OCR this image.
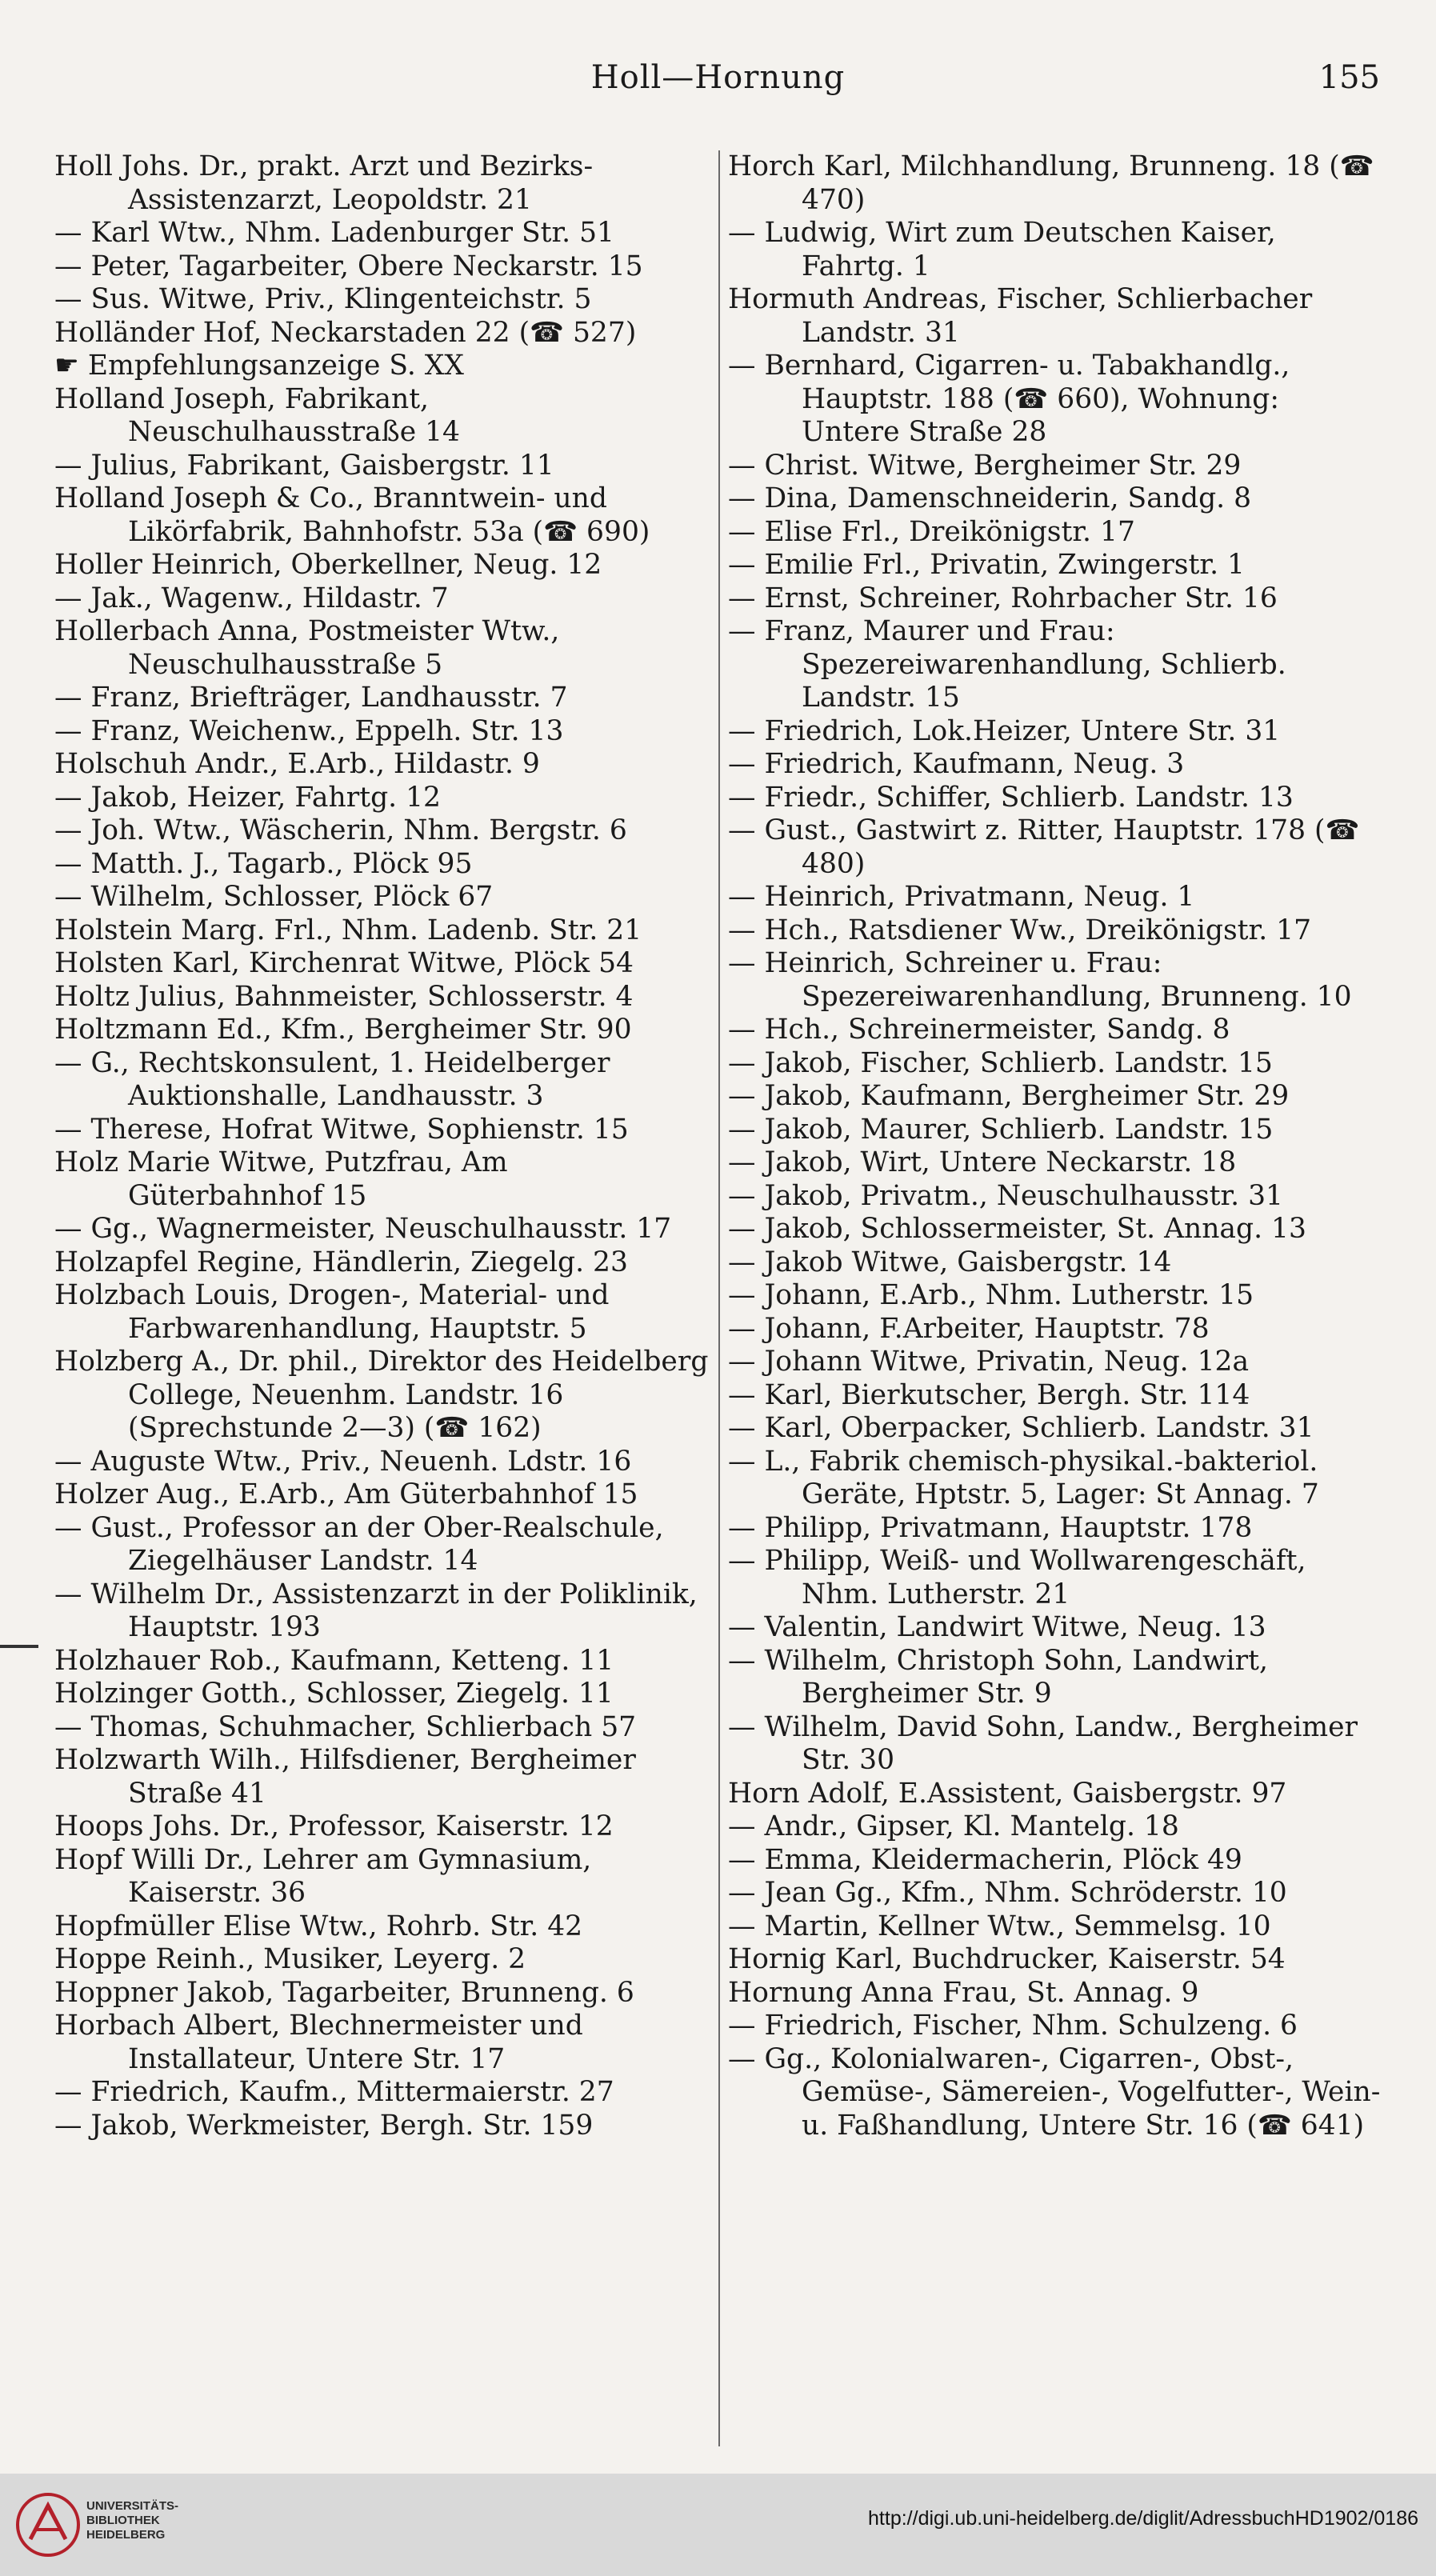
Holl—Hornung	155
Holl Johs. Dr., prakt. Arzt und Bezirks-Assistenzarzt, Leopoldstr. 21
— Karl Wtw., Nhm. Ladenburger Str. 51
— Peter, Tagarbeiter, Obere Neckarstr. 15
— Sus. Witwe, Priv., Klingenteichstr. 5
Holländer Hof, Neckarstaden 22 (☎ 527)
☛ Empfehlungsanzeige S. XX
Holland Joseph, Fabrikant, Neuschulhausstraße 14
— Julius, Fabrikant, Gaisbergstr. 11
Holland Joseph & Co., Branntwein- und Likörfabrik, Bahnhofstr. 53a (☎ 690)
Holler Heinrich, Oberkellner, Neug. 12
— Jak., Wagenw., Hildastr. 7
Hollerbach Anna, Postmeister Wtw., Neuschulhausstraße 5
— Franz, Briefträger, Landhausstr. 7
— Franz, Weichenw., Eppelh. Str. 13
Holschuh Andr., E.Arb., Hildastr. 9
— Jakob, Heizer, Fahrtg. 12
— Joh. Wtw., Wäscherin, Nhm. Bergstr. 6
— Matth. J., Tagarb., Plöck 95
— Wilhelm, Schlosser, Plöck 67
Holstein Marg. Frl., Nhm. Ladenb. Str. 21
Holsten Karl, Kirchenrat Witwe, Plöck 54
Holtz Julius, Bahnmeister, Schlosserstr. 4
Holtzmann Ed., Kfm., Bergheimer Str. 90
— G., Rechtskonsulent, 1. Heidelberger Auktionshalle, Landhausstr. 3
— Therese, Hofrat Witwe, Sophienstr. 15
Holz Marie Witwe, Putzfrau, Am Güterbahnhof 15
— Gg., Wagnermeister, Neuschulhausstr. 17
Holzapfel Regine, Händlerin, Ziegelg. 23
Holzbach Louis, Drogen-, Material- und Farbwarenhandlung, Hauptstr. 5
Holzberg A., Dr. phil., Direktor des Heidelberg College, Neuenhm. Landstr. 16 (Sprechstunde 2—3) (☎ 162)
— Auguste Wtw., Priv., Neuenh. Ldstr. 16
Holzer Aug., E.Arb., Am Güterbahnhof 15
— Gust., Professor an der Ober-Realschule, Ziegelhäuser Landstr. 14
— Wilhelm Dr., Assistenzarzt in der Poliklinik, Hauptstr. 193
Holzhauer Rob., Kaufmann, Ketteng. 11
Holzinger Gotth., Schlosser, Ziegelg. 11
— Thomas, Schuhmacher, Schlierbach 57
Holzwarth Wilh., Hilfsdiener, Bergheimer Straße 41
Hoops Johs. Dr., Professor, Kaiserstr. 12
Hopf Willi Dr., Lehrer am Gymnasium, Kaiserstr. 36
Hopfmüller Elise Wtw., Rohrb. Str. 42
Hoppe Reinh., Musiker, Leyerg. 2
Hoppner Jakob, Tagarbeiter, Brunneng. 6
Horbach Albert, Blechnermeister und Installateur, Untere Str. 17
— Friedrich, Kaufm., Mittermaierstr. 27
— Jakob, Werkmeister, Bergh. Str. 159
Horch Karl, Milchhandlung, Brunneng. 18 (☎ 470)
— Ludwig, Wirt zum Deutschen Kaiser, Fahrtg. 1
Hormuth Andreas, Fischer, Schlierbacher Landstr. 31
— Bernhard, Cigarren- u. Tabakhandlg., Hauptstr. 188 (☎ 660), Wohnung: Untere Straße 28
— Christ. Witwe, Bergheimer Str. 29
— Dina, Damenschneiderin, Sandg. 8
— Elise Frl., Dreikönigstr. 17
— Emilie Frl., Privatin, Zwingerstr. 1
— Ernst, Schreiner, Rohrbacher Str. 16
— Franz, Maurer und Frau: Spezereiwarenhandlung, Schlierb. Landstr. 15
— Friedrich, Lok.Heizer, Untere Str. 31
— Friedrich, Kaufmann, Neug. 3
— Friedr., Schiffer, Schlierb. Landstr. 13
— Gust., Gastwirt z. Ritter, Hauptstr. 178 (☎ 480)
— Heinrich, Privatmann, Neug. 1
— Hch., Ratsdiener Ww., Dreikönigstr. 17
— Heinrich, Schreiner u. Frau: Spezereiwarenhandlung, Brunneng. 10
— Hch., Schreinermeister, Sandg. 8
— Jakob, Fischer, Schlierb. Landstr. 15
— Jakob, Kaufmann, Bergheimer Str. 29
— Jakob, Maurer, Schlierb. Landstr. 15
— Jakob, Wirt, Untere Neckarstr. 18
— Jakob, Privatm., Neuschulhausstr. 31
— Jakob, Schlossermeister, St. Annag. 13
— Jakob Witwe, Gaisbergstr. 14
— Johann, E.Arb., Nhm. Lutherstr. 15
— Johann, F.Arbeiter, Hauptstr. 78
— Johann Witwe, Privatin, Neug. 12a
— Karl, Bierkutscher, Bergh. Str. 114
— Karl, Oberpacker, Schlierb. Landstr. 31
— L., Fabrik chemisch-physikal.-bakteriol. Geräte, Hptstr. 5, Lager: St Annag. 7
— Philipp, Privatmann, Hauptstr. 178
— Philipp, Weiß- und Wollwarengeschäft, Nhm. Lutherstr. 21
— Valentin, Landwirt Witwe, Neug. 13
— Wilhelm, Christoph Sohn, Landwirt, Bergheimer Str. 9
— Wilhelm, David Sohn, Landw., Bergheimer Str. 30
Horn Adolf, E.Assistent, Gaisbergstr. 97
— Andr., Gipser, Kl. Mantelg. 18
— Emma, Kleidermacherin, Plöck 49
— Jean Gg., Kfm., Nhm. Schröderstr. 10
— Martin, Kellner Wtw., Semmelsg. 10
Hornig Karl, Buchdrucker, Kaiserstr. 54
Hornung Anna Frau, St. Annag. 9
— Friedrich, Fischer, Nhm. Schulzeng. 6
— Gg., Kolonialwaren-, Cigarren-, Obst-, Gemüse-, Sämereien-, Vogelfutter-, Wein- u. Faßhandlung, Untere Str. 16 (☎ 641)
UNIVERSITÄTS-
BIBLIOTHEK
HEIDELBERG
http://digi.ub.uni-heidelberg.de/diglit/AdressbuchHD1902/0186
